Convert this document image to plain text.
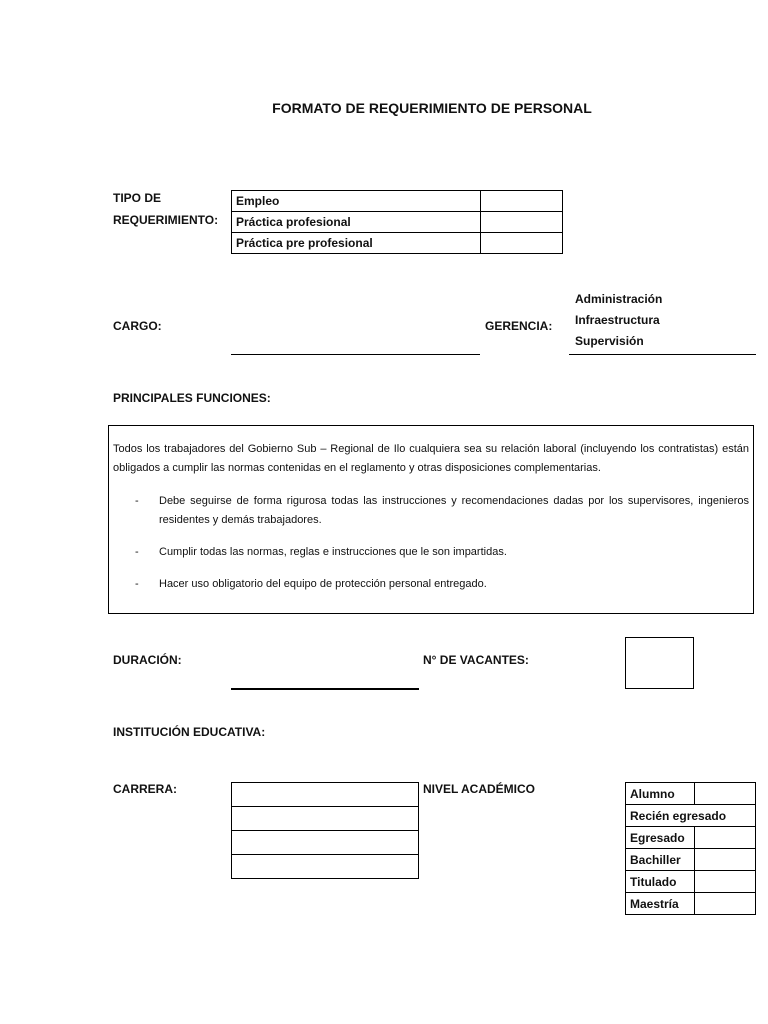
FORMATO DE REQUERIMIENTO DE PERSONAL
TIPO DE
REQUERIMIENTO:
Empleo	
Práctica profesional	
Práctica pre profesional	
CARGO:	GERENCIA:
Administración
Infraestructura
Supervisión
PRINCIPALES FUNCIONES:

Todos los trabajadores del Gobierno Sub – Regional de Ilo cualquiera sea su relación laboral (incluyendo los contratistas) están obligados a cumplir las normas contenidas en el reglamento y otras disposiciones complementarias.

- Debe seguirse de forma rigurosa todas las instrucciones y recomendaciones dadas por los supervisores, ingenieros residentes y demás trabajadores.
- Cumplir todas las normas, reglas e instrucciones que le son impartidas.
- Hacer uso obligatorio del equipo de protección personal entregado.
DURACIÓN:	N° DE VACANTES:
INSTITUCIÓN EDUCATIVA:
CARRERA:	NIVEL ACADÉMICO	Alumno	
Recién egresado	
Egresado	
Bachiller	
Titulado	
Maestría	
